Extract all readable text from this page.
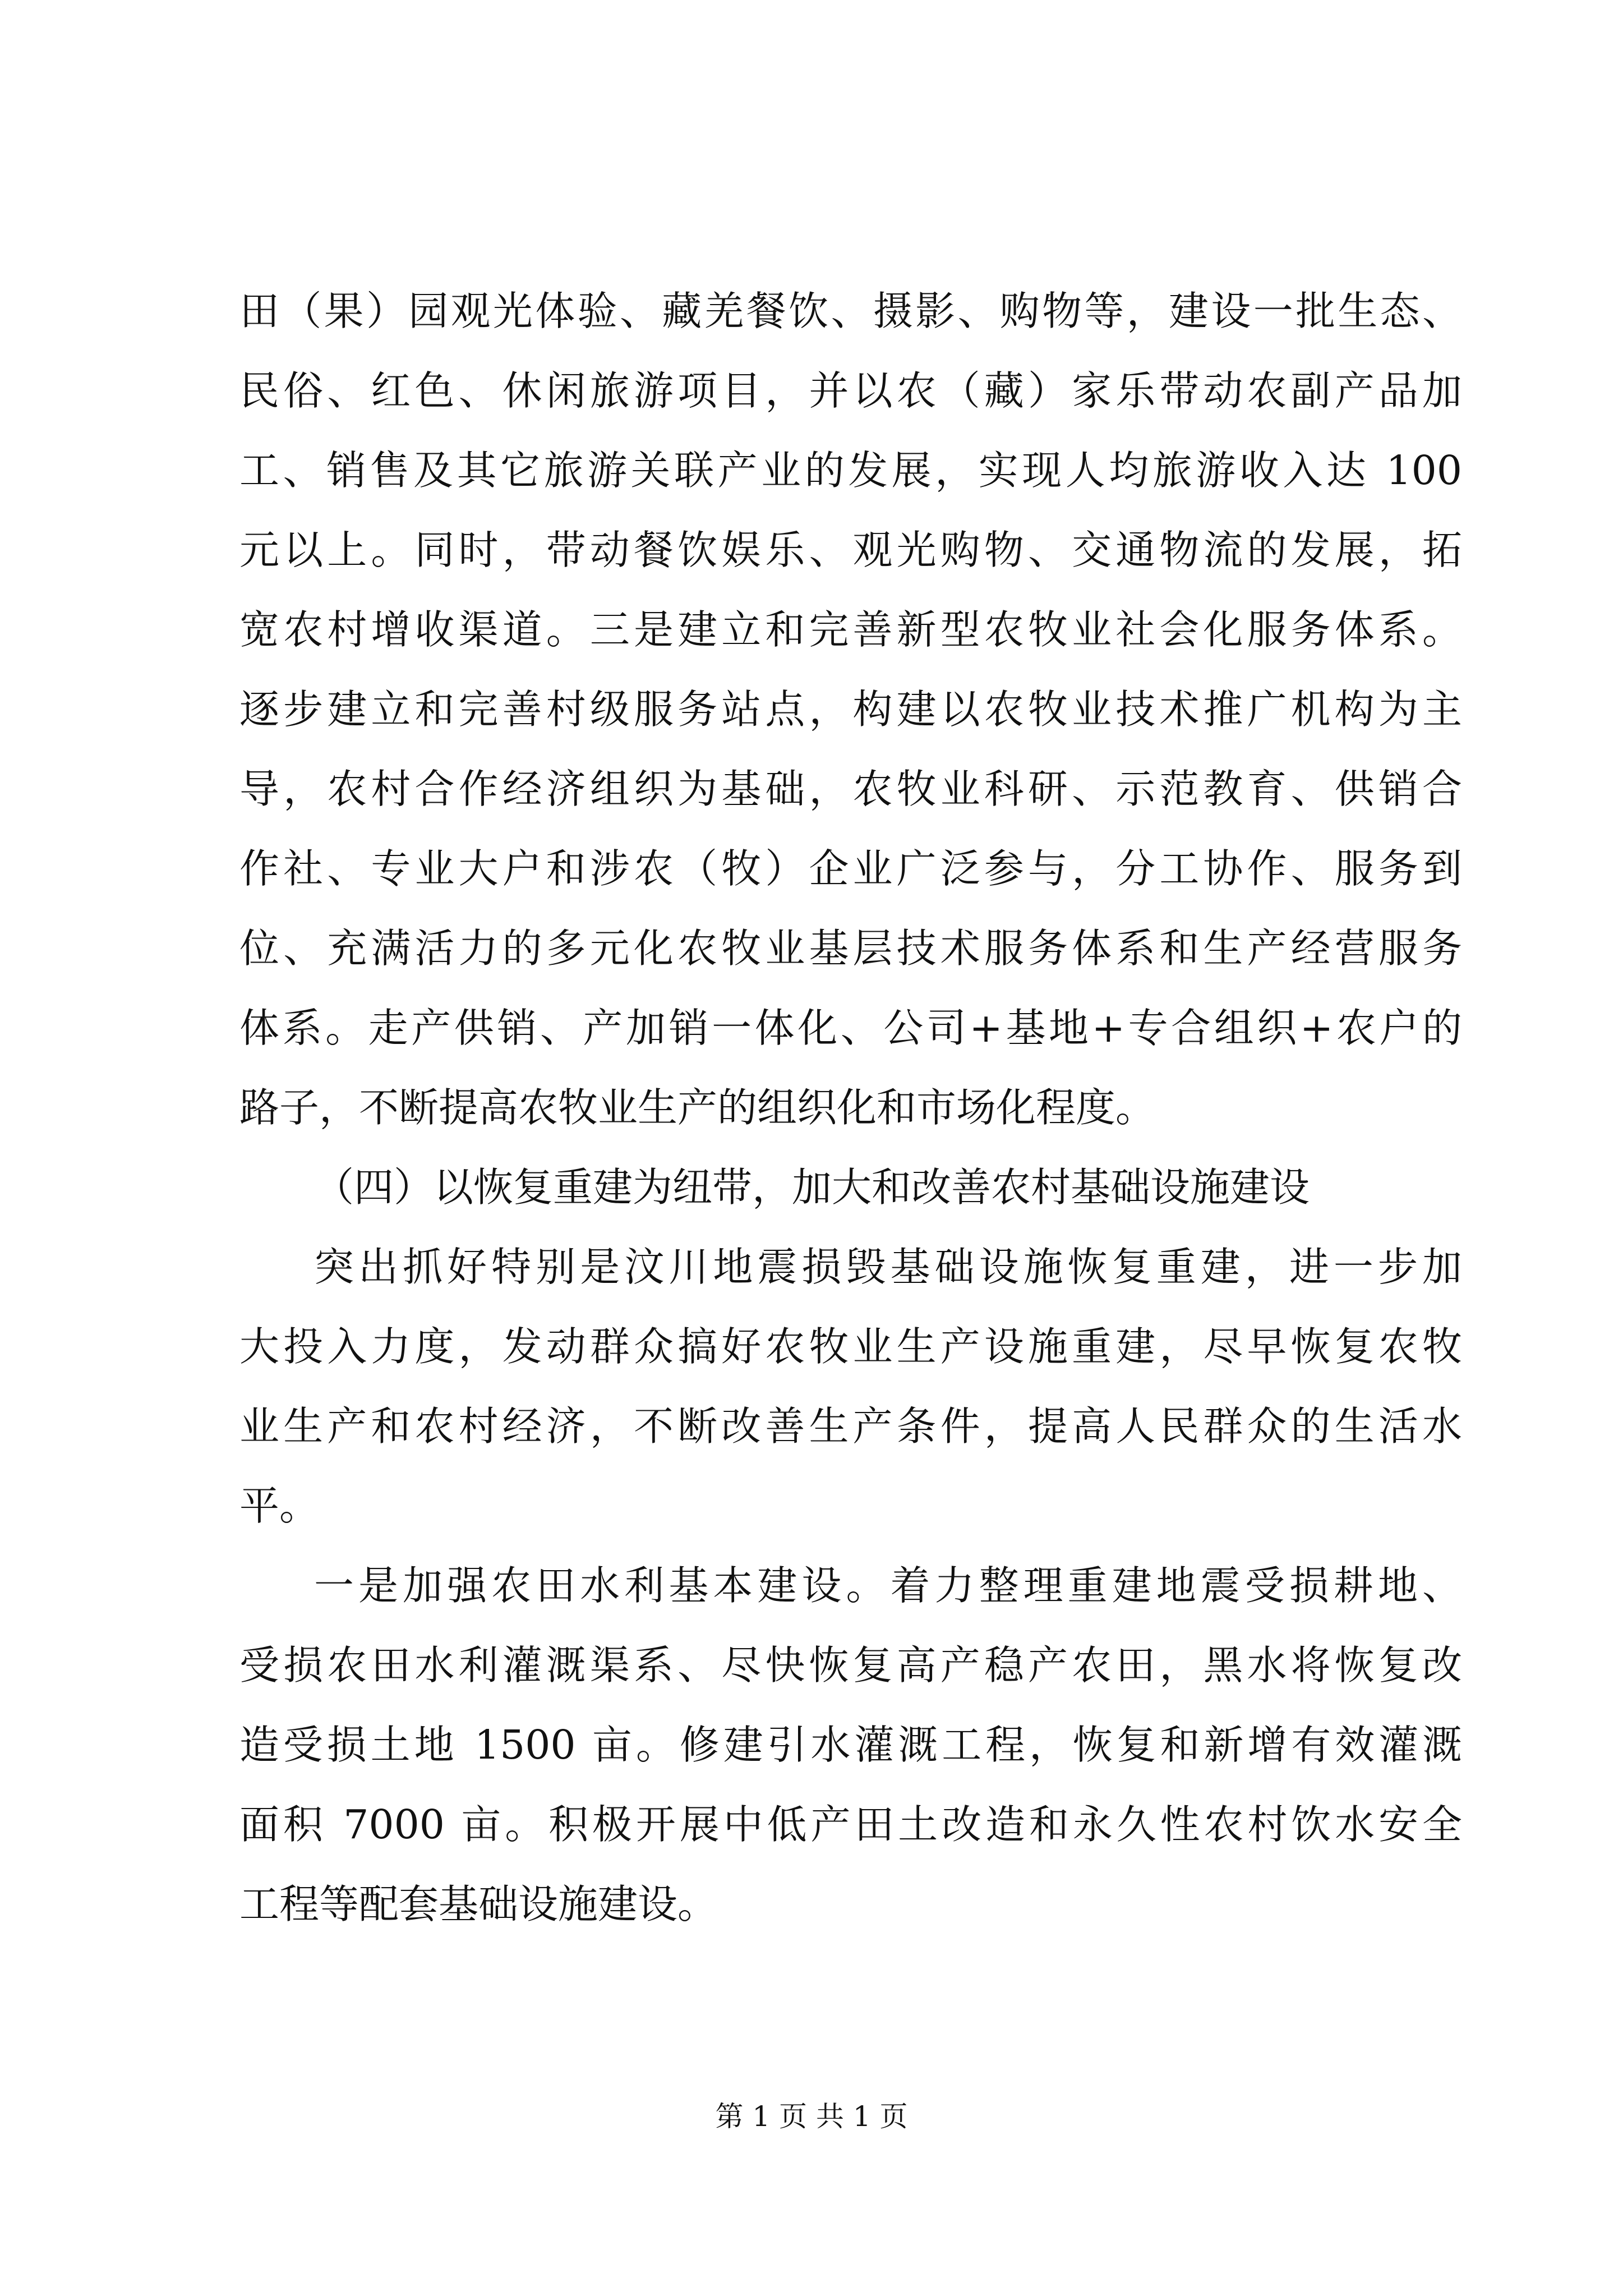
田（果）园观光体验、藏羌餐饮、摄影、购物等，建设一批生态、
民俗、红色、休闲旅游项目，并以农（藏）家乐带动农副产品加
工、销售及其它旅游关联产业的发展，实现人均旅游收入达 100
元以上。同时，带动餐饮娱乐、观光购物、交通物流的发展，拓
宽农村增收渠道。三是建立和完善新型农牧业社会化服务体系。
逐步建立和完善村级服务站点，构建以农牧业技术推广机构为主
导，农村合作经济组织为基础，农牧业科研、示范教育、供销合
作社、专业大户和涉农（牧）企业广泛参与，分工协作、服务到
位、充满活力的多元化农牧业基层技术服务体系和生产经营服务
体系。走产供销、产加销一体化、公司+基地+专合组织+农户的
路子，不断提高农牧业生产的组织化和市场化程度。
（四）以恢复重建为纽带，加大和改善农村基础设施建设
突出抓好特别是汶川地震损毁基础设施恢复重建，进一步加
大投入力度，发动群众搞好农牧业生产设施重建，尽早恢复农牧
业生产和农村经济，不断改善生产条件，提高人民群众的生活水
平。
一是加强农田水利基本建设。着力整理重建地震受损耕地、
受损农田水利灌溉渠系、尽快恢复高产稳产农田，黑水将恢复改
造受损土地 1500 亩。修建引水灌溉工程，恢复和新增有效灌溉
面积 7000 亩。积极开展中低产田土改造和永久性农村饮水安全
工程等配套基础设施建设。
第 1 页 共 1 页
